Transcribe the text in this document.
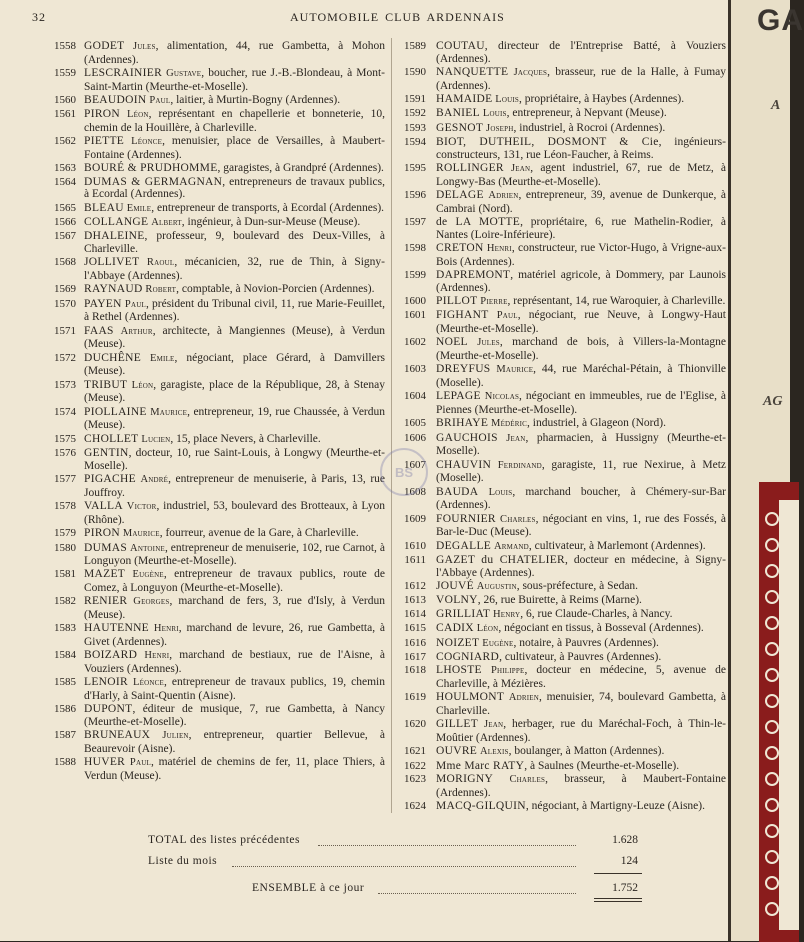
32	AUTOMOBILE CLUB ARDENNAIS
1558 GODET Jules, alimentation, 44, rue Gambetta, à Mohon (Ardennes).
1559 LESCRAINIER Gustave, boucher, rue J.-B.-Blondeau, à Mont-Saint-Martin (Meurthe-et-Moselle).
1560 BEAUDOIN Paul, laitier, à Murtin-Bogny (Ardennes).
1561 PIRON Léon, représentant en chapellerie et bonneterie, 10, chemin de la Houillère, à Charleville.
1562 PIETTE Léonce, menuisier, place de Versailles, à Maubert-Fontaine (Ardennes).
1563 BOURÉ & PRUDHOMME, garagistes, à Grandpré (Ardennes).
1564 DUMAS & GERMAGNAN, entrepreneurs de travaux publics, à Ecordal (Ardennes).
1565 BLEAU Emile, entrepreneur de transports, à Ecordal (Ardennes).
1566 COLLANGE Albert, ingénieur, à Dun-sur-Meuse (Meuse).
1567 DHALEINE, professeur, 9, boulevard des Deux-Villes, à Charleville.
1568 JOLLIVET Raoul, mécanicien, 32, rue de Thin, à Signy-l'Abbaye (Ardennes).
1569 RAYNAUD Robert, comptable, à Novion-Porcien (Ardennes).
1570 PAYEN Paul, président du Tribunal civil, 11, rue Marie-Feuillet, à Rethel (Ardennes).
1571 FAAS Arthur, architecte, à Mangiennes (Meuse), à Verdun (Meuse).
1572 DUCHÊNE Emile, négociant, place Gérard, à Damvillers (Meuse).
1573 TRIBUT Léon, garagiste, place de la République, 28, à Stenay (Meuse).
1574 PIOLLAINE Maurice, entrepreneur, 19, rue Chaussée, à Verdun (Meuse).
1575 CHOLLET Lucien, 15, place Nevers, à Charleville.
1576 GENTIN, docteur, 10, rue Saint-Louis, à Longwy (Meurthe-et-Moselle).
1577 PIGACHE André, entrepreneur de menuiserie, à Paris, 13, rue Jouffroy.
1578 VALLA Victor, industriel, 53, boulevard des Brotteaux, à Lyon (Rhône).
1579 PIRON Maurice, fourreur, avenue de la Gare, à Charleville.
1580 DUMAS Antoine, entrepreneur de menuiserie, 102, rue Carnot, à Longuyon (Meurthe-et-Moselle).
1581 MAZET Eugène, entrepreneur de travaux publics, route de Comez, à Longuyon (Meurthe-et-Moselle).
1582 RENIER Georges, marchand de fers, 3, rue d'Isly, à Verdun (Meuse).
1583 HAUTENNE Henri, marchand de levure, 26, rue Gambetta, à Givet (Ardennes).
1584 BOIZARD Henri, marchand de bestiaux, rue de l'Aisne, à Vouziers (Ardennes).
1585 LENOIR Léonce, entrepreneur de travaux publics, 19, chemin d'Harly, à Saint-Quentin (Aisne).
1586 DUPONT, éditeur de musique, 7, rue Gambetta, à Nancy (Meurthe-et-Moselle).
1587 BRUNEAUX Julien, entrepreneur, quartier Bellevue, à Beaurevoir (Aisne).
1588 HUVER Paul, matériel de chemins de fer, 11, place Thiers, à Verdun (Meuse).
1589 COUTAU, directeur de l'Entreprise Batté, à Vouziers (Ardennes).
1590 NANQUETTE Jacques, brasseur, rue de la Halle, à Fumay (Ardennes).
1591 HAMAIDE Louis, propriétaire, à Haybes (Ardennes).
1592 BANIEL Louis, entrepreneur, à Nepvant (Meuse).
1593 GESNOT Joseph, industriel, à Rocroi (Ardennes).
1594 BIOT, DUTHEIL, DOSMONT & Cie, ingénieurs-constructeurs, 131, rue Léon-Faucher, à Reims.
1595 ROLLINGER Jean, agent industriel, 67, rue de Metz, à Longwy-Bas (Meurthe-et-Moselle).
1596 DELAGE Adrien, entrepreneur, 39, avenue de Dunkerque, à Cambrai (Nord).
1597 de LA MOTTE, propriétaire, 6, rue Mathelin-Rodier, à Nantes (Loire-Inférieure).
1598 CRETON Henri, constructeur, rue Victor-Hugo, à Vrigne-aux-Bois (Ardennes).
1599 DAPREMONT, matériel agricole, à Dommery, par Launois (Ardennes).
1600 PILLOT Pierre, représentant, 14, rue Waroquier, à Charleville.
1601 FIGHANT Paul, négociant, rue Neuve, à Longwy-Haut (Meurthe-et-Moselle).
1602 NOEL Jules, marchand de bois, à Villers-la-Montagne (Meurthe-et-Moselle).
1603 DREYFUS Maurice, 44, rue Maréchal-Pétain, à Thionville (Moselle).
1604 LEPAGE Nicolas, négociant en immeubles, rue de l'Eglise, à Piennes (Meurthe-et-Moselle).
1605 BRIHAYE Médéric, industriel, à Glageon (Nord).
1606 GAUCHOIS Jean, pharmacien, à Hussigny (Meurthe-et-Moselle).
1607 CHAUVIN Ferdinand, garagiste, 11, rue Nexirue, à Metz (Moselle).
1608 BAUDA Louis, marchand boucher, à Chémery-sur-Bar (Ardennes).
1609 FOURNIER Charles, négociant en vins, 1, rue des Fossés, à Bar-le-Duc (Meuse).
1610 DEGALLE Armand, cultivateur, à Marlemont (Ardennes).
1611 GAZET du CHATELIER, docteur en médecine, à Signy-l'Abbaye (Ardennes).
1612 JOUVÉ Augustin, sous-préfecture, à Sedan.
1613 VOLNY, 26, rue Buirette, à Reims (Marne).
1614 GRILLIAT Henry, 6, rue Claude-Charles, à Nancy.
1615 CADIX Léon, négociant en tissus, à Bosseval (Ardennes).
1616 NOIZET Eugène, notaire, à Pauvres (Ardennes).
1617 COGNIARD, cultivateur, à Pauvres (Ardennes).
1618 LHOSTE Philippe, docteur en médecine, 5, avenue de Charleville, à Mézières.
1619 HOULMONT Adrien, menuisier, 74, boulevard Gambetta, à Charleville.
1620 GILLET Jean, herbager, rue du Maréchal-Foch, à Thin-le-Moûtier (Ardennes).
1621 OUVRE Alexis, boulanger, à Matton (Ardennes).
1622 Mme Marc RATY, à Saulnes (Meurthe-et-Moselle).
1623 MORIGNY Charles, brasseur, à Maubert-Fontaine (Ardennes).
1624 MACQ-GILQUIN, négociant, à Martigny-Leuze (Aisne).
BS
TOTAL des listes précédentes	1.628
Liste du mois	124
ENSEMBLE à ce jour	1.752
GA
A
AG
